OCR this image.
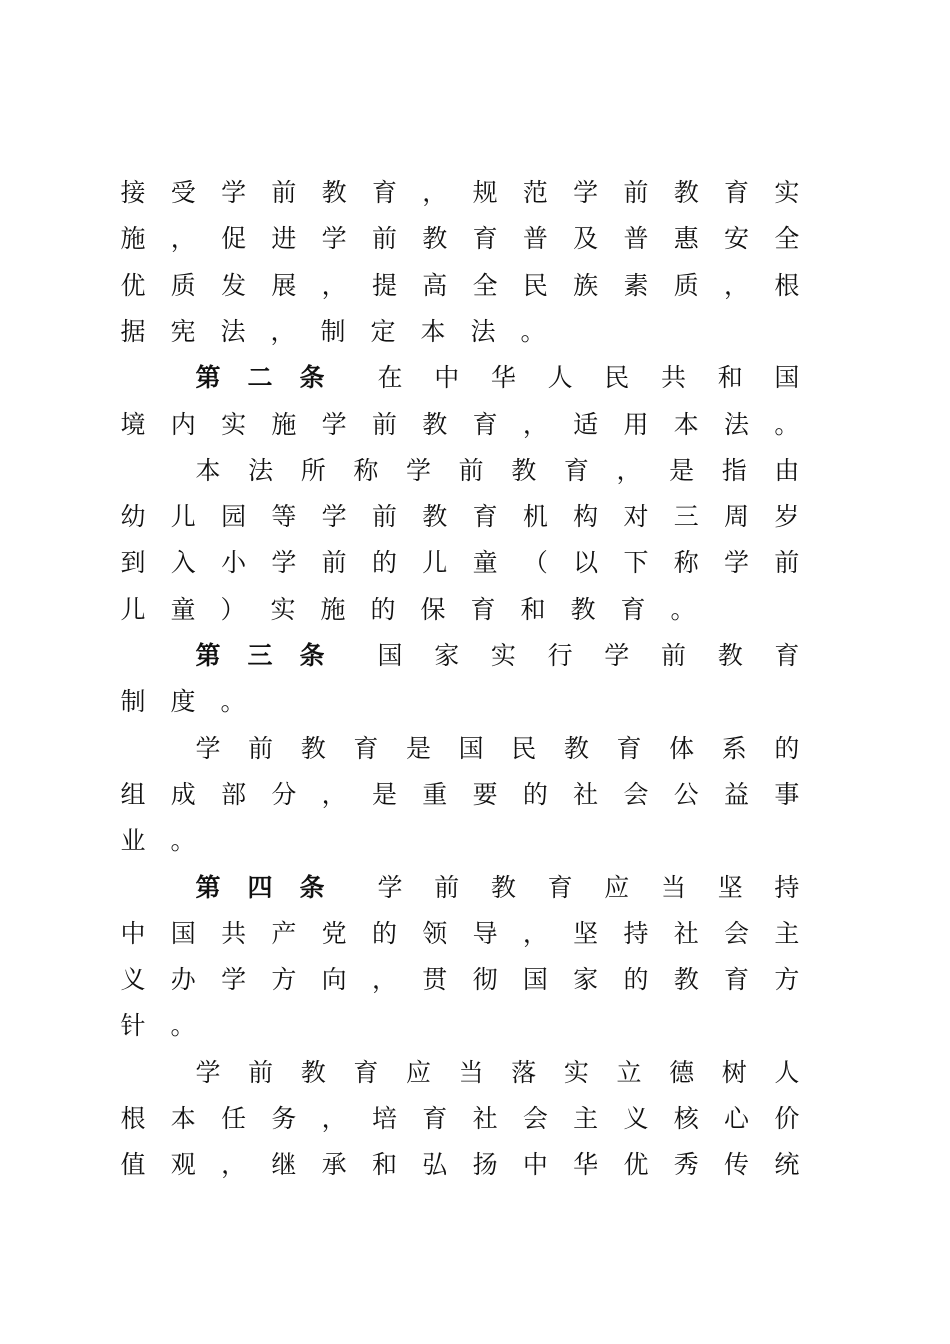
接 受 学 前 教 育 ， 规 范 学 前 教 育 实
施 ， 促 进 学 前 教 育 普 及 普 惠 安 全
优 质 发 展 ， 提 高 全 民 族 素 质 ， 根
据 宪 法 ， 制 定 本 法 。
第 二 条 在 中 华 人 民 共 和 国
境 内 实 施 学 前 教 育 ， 适 用 本 法 。
本 法 所 称 学 前 教 育 ， 是 指 由
幼 儿 园 等 学 前 教 育 机 构 对 三 周 岁
到 入 小 学 前 的 儿 童 （ 以 下 称 学 前
儿 童 ） 实 施 的 保 育 和 教 育 。
第 三 条 国 家 实 行 学 前 教 育
制 度 。
学 前 教 育 是 国 民 教 育 体 系 的
组 成 部 分 ， 是 重 要 的 社 会 公 益 事
业 。
第 四 条 学 前 教 育 应 当 坚 持
中 国 共 产 党 的 领 导 ， 坚 持 社 会 主
义 办 学 方 向 ， 贯 彻 国 家 的 教 育 方
针 。
学 前 教 育 应 当 落 实 立 德 树 人
根 本 任 务 ， 培 育 社 会 主 义 核 心 价
值 观 ， 继 承 和 弘 扬 中 华 优 秀 传 统
